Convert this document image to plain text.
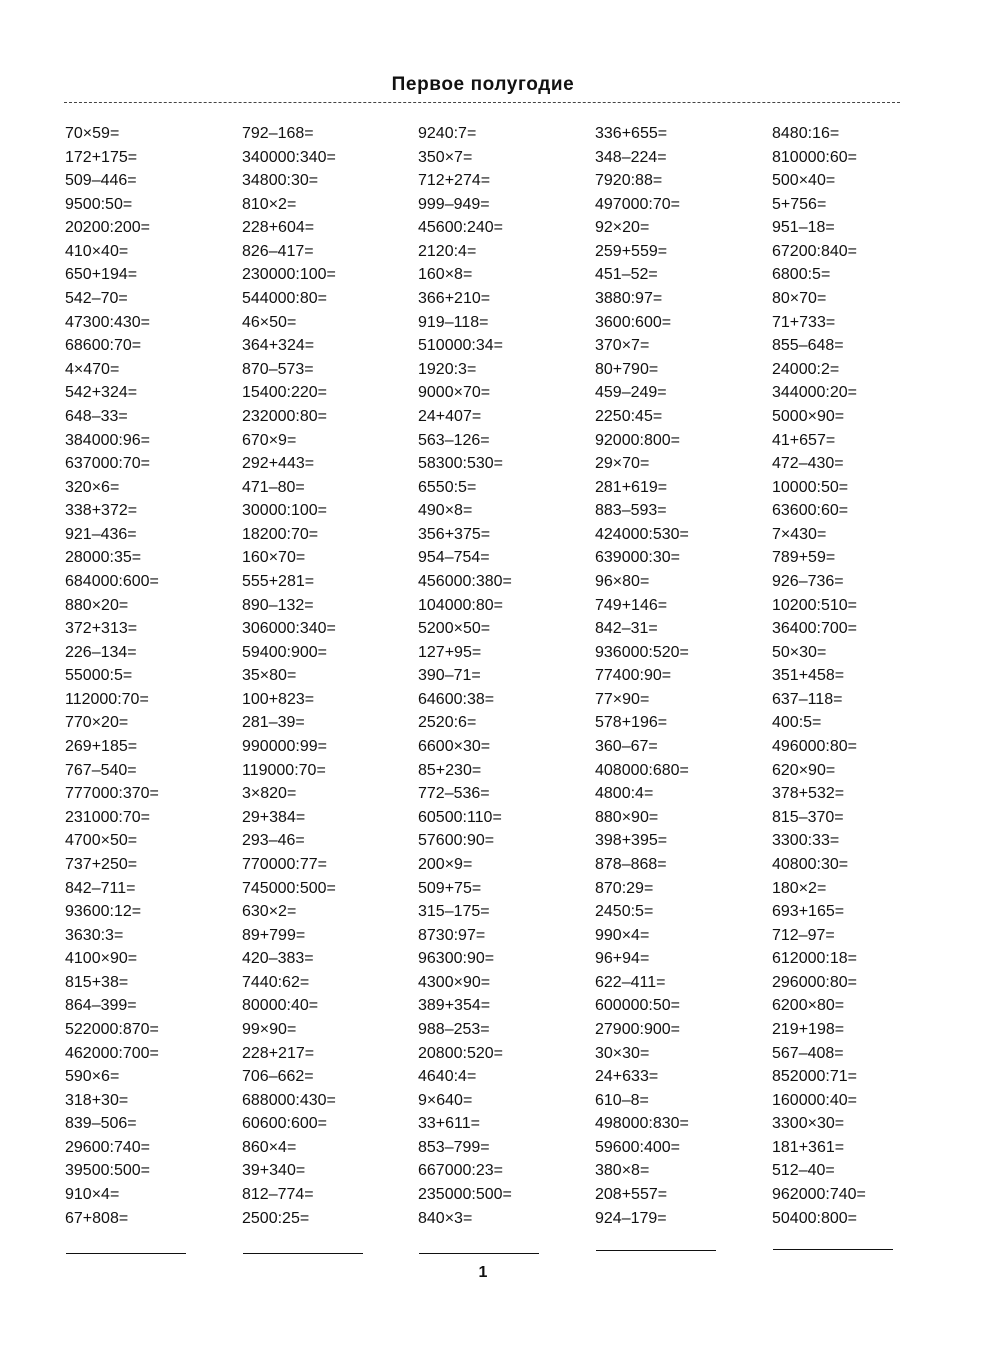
Первое полугодие
70×59=
172+175=
509–446=
9500:50=
20200:200=
410×40=
650+194=
542–70=
47300:430=
68600:70=
4×470=
542+324=
648–33=
384000:96=
637000:70=
320×6=
338+372=
921–436=
28000:35=
684000:600=
880×20=
372+313=
226–134=
55000:5=
112000:70=
770×20=
269+185=
767–540=
777000:370=
231000:70=
4700×50=
737+250=
842–711=
93600:12=
3630:3=
4100×90=
815+38=
864–399=
522000:870=
462000:700=
590×6=
318+30=
839–506=
29600:740=
39500:500=
910×4=
67+808=
792–168=
340000:340=
34800:30=
810×2=
228+604=
826–417=
230000:100=
544000:80=
46×50=
364+324=
870–573=
15400:220=
232000:80=
670×9=
292+443=
471–80=
30000:100=
18200:70=
160×70=
555+281=
890–132=
306000:340=
59400:900=
35×80=
100+823=
281–39=
990000:99=
119000:70=
3×820=
29+384=
293–46=
770000:77=
745000:500=
630×2=
89+799=
420–383=
7440:62=
80000:40=
99×90=
228+217=
706–662=
688000:430=
60600:600=
860×4=
39+340=
812–774=
2500:25=
9240:7=
350×7=
712+274=
999–949=
45600:240=
2120:4=
160×8=
366+210=
919–118=
510000:34=
1920:3=
9000×70=
24+407=
563–126=
58300:530=
6550:5=
490×8=
356+375=
954–754=
456000:380=
104000:80=
5200×50=
127+95=
390–71=
64600:38=
2520:6=
6600×30=
85+230=
772–536=
60500:110=
57600:90=
200×9=
509+75=
315–175=
8730:97=
96300:90=
4300×90=
389+354=
988–253=
20800:520=
4640:4=
9×640=
33+611=
853–799=
667000:23=
235000:500=
840×3=
336+655=
348–224=
7920:88=
497000:70=
92×20=
259+559=
451–52=
3880:97=
3600:600=
370×7=
80+790=
459–249=
2250:45=
92000:800=
29×70=
281+619=
883–593=
424000:530=
639000:30=
96×80=
749+146=
842–31=
936000:520=
77400:90=
77×90=
578+196=
360–67=
408000:680=
4800:4=
880×90=
398+395=
878–868=
870:29=
2450:5=
990×4=
96+94=
622–411=
600000:50=
27900:900=
30×30=
24+633=
610–8=
498000:830=
59600:400=
380×8=
208+557=
924–179=
8480:16=
810000:60=
500×40=
5+756=
951–18=
67200:840=
6800:5=
80×70=
71+733=
855–648=
24000:2=
344000:20=
5000×90=
41+657=
472–430=
10000:50=
63600:60=
7×430=
789+59=
926–736=
10200:510=
36400:700=
50×30=
351+458=
637–118=
400:5=
496000:80=
620×90=
378+532=
815–370=
3300:33=
40800:30=
180×2=
693+165=
712–97=
612000:18=
296000:80=
6200×80=
219+198=
567–408=
852000:71=
160000:40=
3300×30=
181+361=
512–40=
962000:740=
50400:800=
1
